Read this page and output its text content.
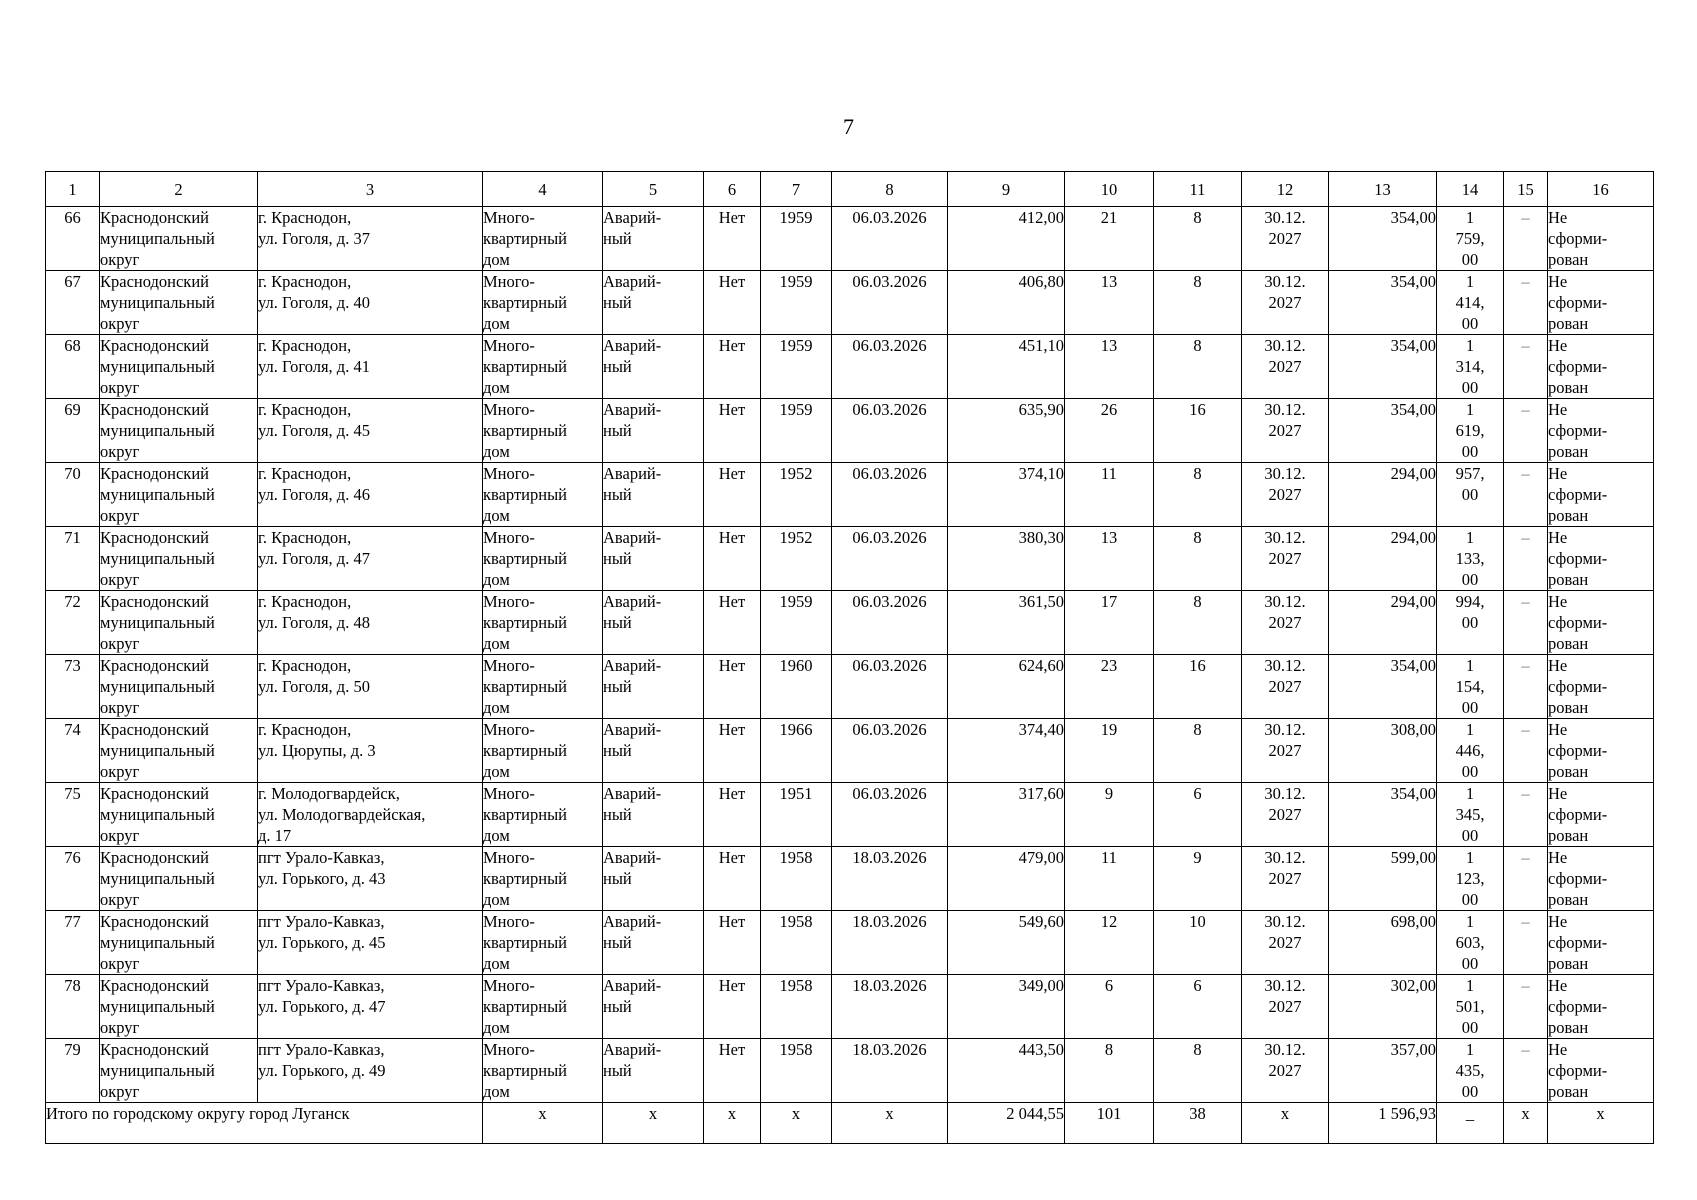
7
1	2	3	4	5	6	7	8	9	10	11	12	13	14	15	16
66	Краснодонский
муниципальный
округ	г. Краснодон,
ул. Гоголя, д. 37	Много-
квартирный
дом	Аварий-
ный	Нет	1959	06.03.2026	412,00	21	8	30.12.
2027	354,00	1
759,
00	–	Не
сформи-
рован
67	Краснодонский
муниципальный
округ	г. Краснодон,
ул. Гоголя, д. 40	Много-
квартирный
дом	Аварий-
ный	Нет	1959	06.03.2026	406,80	13	8	30.12.
2027	354,00	1
414,
00	–	Не
сформи-
рован
68	Краснодонский
муниципальный
округ	г. Краснодон,
ул. Гоголя, д. 41	Много-
квартирный
дом	Аварий-
ный	Нет	1959	06.03.2026	451,10	13	8	30.12.
2027	354,00	1
314,
00	–	Не
сформи-
рован
69	Краснодонский
муниципальный
округ	г. Краснодон,
ул. Гоголя, д. 45	Много-
квартирный
дом	Аварий-
ный	Нет	1959	06.03.2026	635,90	26	16	30.12.
2027	354,00	1
619,
00	–	Не
сформи-
рован
70	Краснодонский
муниципальный
округ	г. Краснодон,
ул. Гоголя, д. 46	Много-
квартирный
дом	Аварий-
ный	Нет	1952	06.03.2026	374,10	11	8	30.12.
2027	294,00	957,
00	–	Не
сформи-
рован
71	Краснодонский
муниципальный
округ	г. Краснодон,
ул. Гоголя, д. 47	Много-
квартирный
дом	Аварий-
ный	Нет	1952	06.03.2026	380,30	13	8	30.12.
2027	294,00	1
133,
00	–	Не
сформи-
рован
72	Краснодонский
муниципальный
округ	г. Краснодон,
ул. Гоголя, д. 48	Много-
квартирный
дом	Аварий-
ный	Нет	1959	06.03.2026	361,50	17	8	30.12.
2027	294,00	994,
00	–	Не
сформи-
рован
73	Краснодонский
муниципальный
округ	г. Краснодон,
ул. Гоголя, д. 50	Много-
квартирный
дом	Аварий-
ный	Нет	1960	06.03.2026	624,60	23	16	30.12.
2027	354,00	1
154,
00	–	Не
сформи-
рован
74	Краснодонский
муниципальный
округ	г. Краснодон,
ул. Цюрупы, д. 3	Много-
квартирный
дом	Аварий-
ный	Нет	1966	06.03.2026	374,40	19	8	30.12.
2027	308,00	1
446,
00	–	Не
сформи-
рован
75	Краснодонский
муниципальный
округ	г. Молодогвардейск,
ул. Молодогвардейская,
д. 17	Много-
квартирный
дом	Аварий-
ный	Нет	1951	06.03.2026	317,60	9	6	30.12.
2027	354,00	1
345,
00	–	Не
сформи-
рован
76	Краснодонский
муниципальный
округ	пгт Урало-Кавказ,
ул. Горького, д. 43	Много-
квартирный
дом	Аварий-
ный	Нет	1958	18.03.2026	479,00	11	9	30.12.
2027	599,00	1
123,
00	–	Не
сформи-
рован
77	Краснодонский
муниципальный
округ	пгт Урало-Кавказ,
ул. Горького, д. 45	Много-
квартирный
дом	Аварий-
ный	Нет	1958	18.03.2026	549,60	12	10	30.12.
2027	698,00	1
603,
00	–	Не
сформи-
рован
78	Краснодонский
муниципальный
округ	пгт Урало-Кавказ,
ул. Горького, д. 47	Много-
квартирный
дом	Аварий-
ный	Нет	1958	18.03.2026	349,00	6	6	30.12.
2027	302,00	1
501,
00	–	Не
сформи-
рован
79	Краснодонский
муниципальный
округ	пгт Урало-Кавказ,
ул. Горького, д. 49	Много-
квартирный
дом	Аварий-
ный	Нет	1958	18.03.2026	443,50	8	8	30.12.
2027	357,00	1
435,
00	–	Не
сформи-
рован
Итого по городскому округу город Луганск			x	x	x	x	x	2 044,55	101	38	x	1 596,93	_	x	x
